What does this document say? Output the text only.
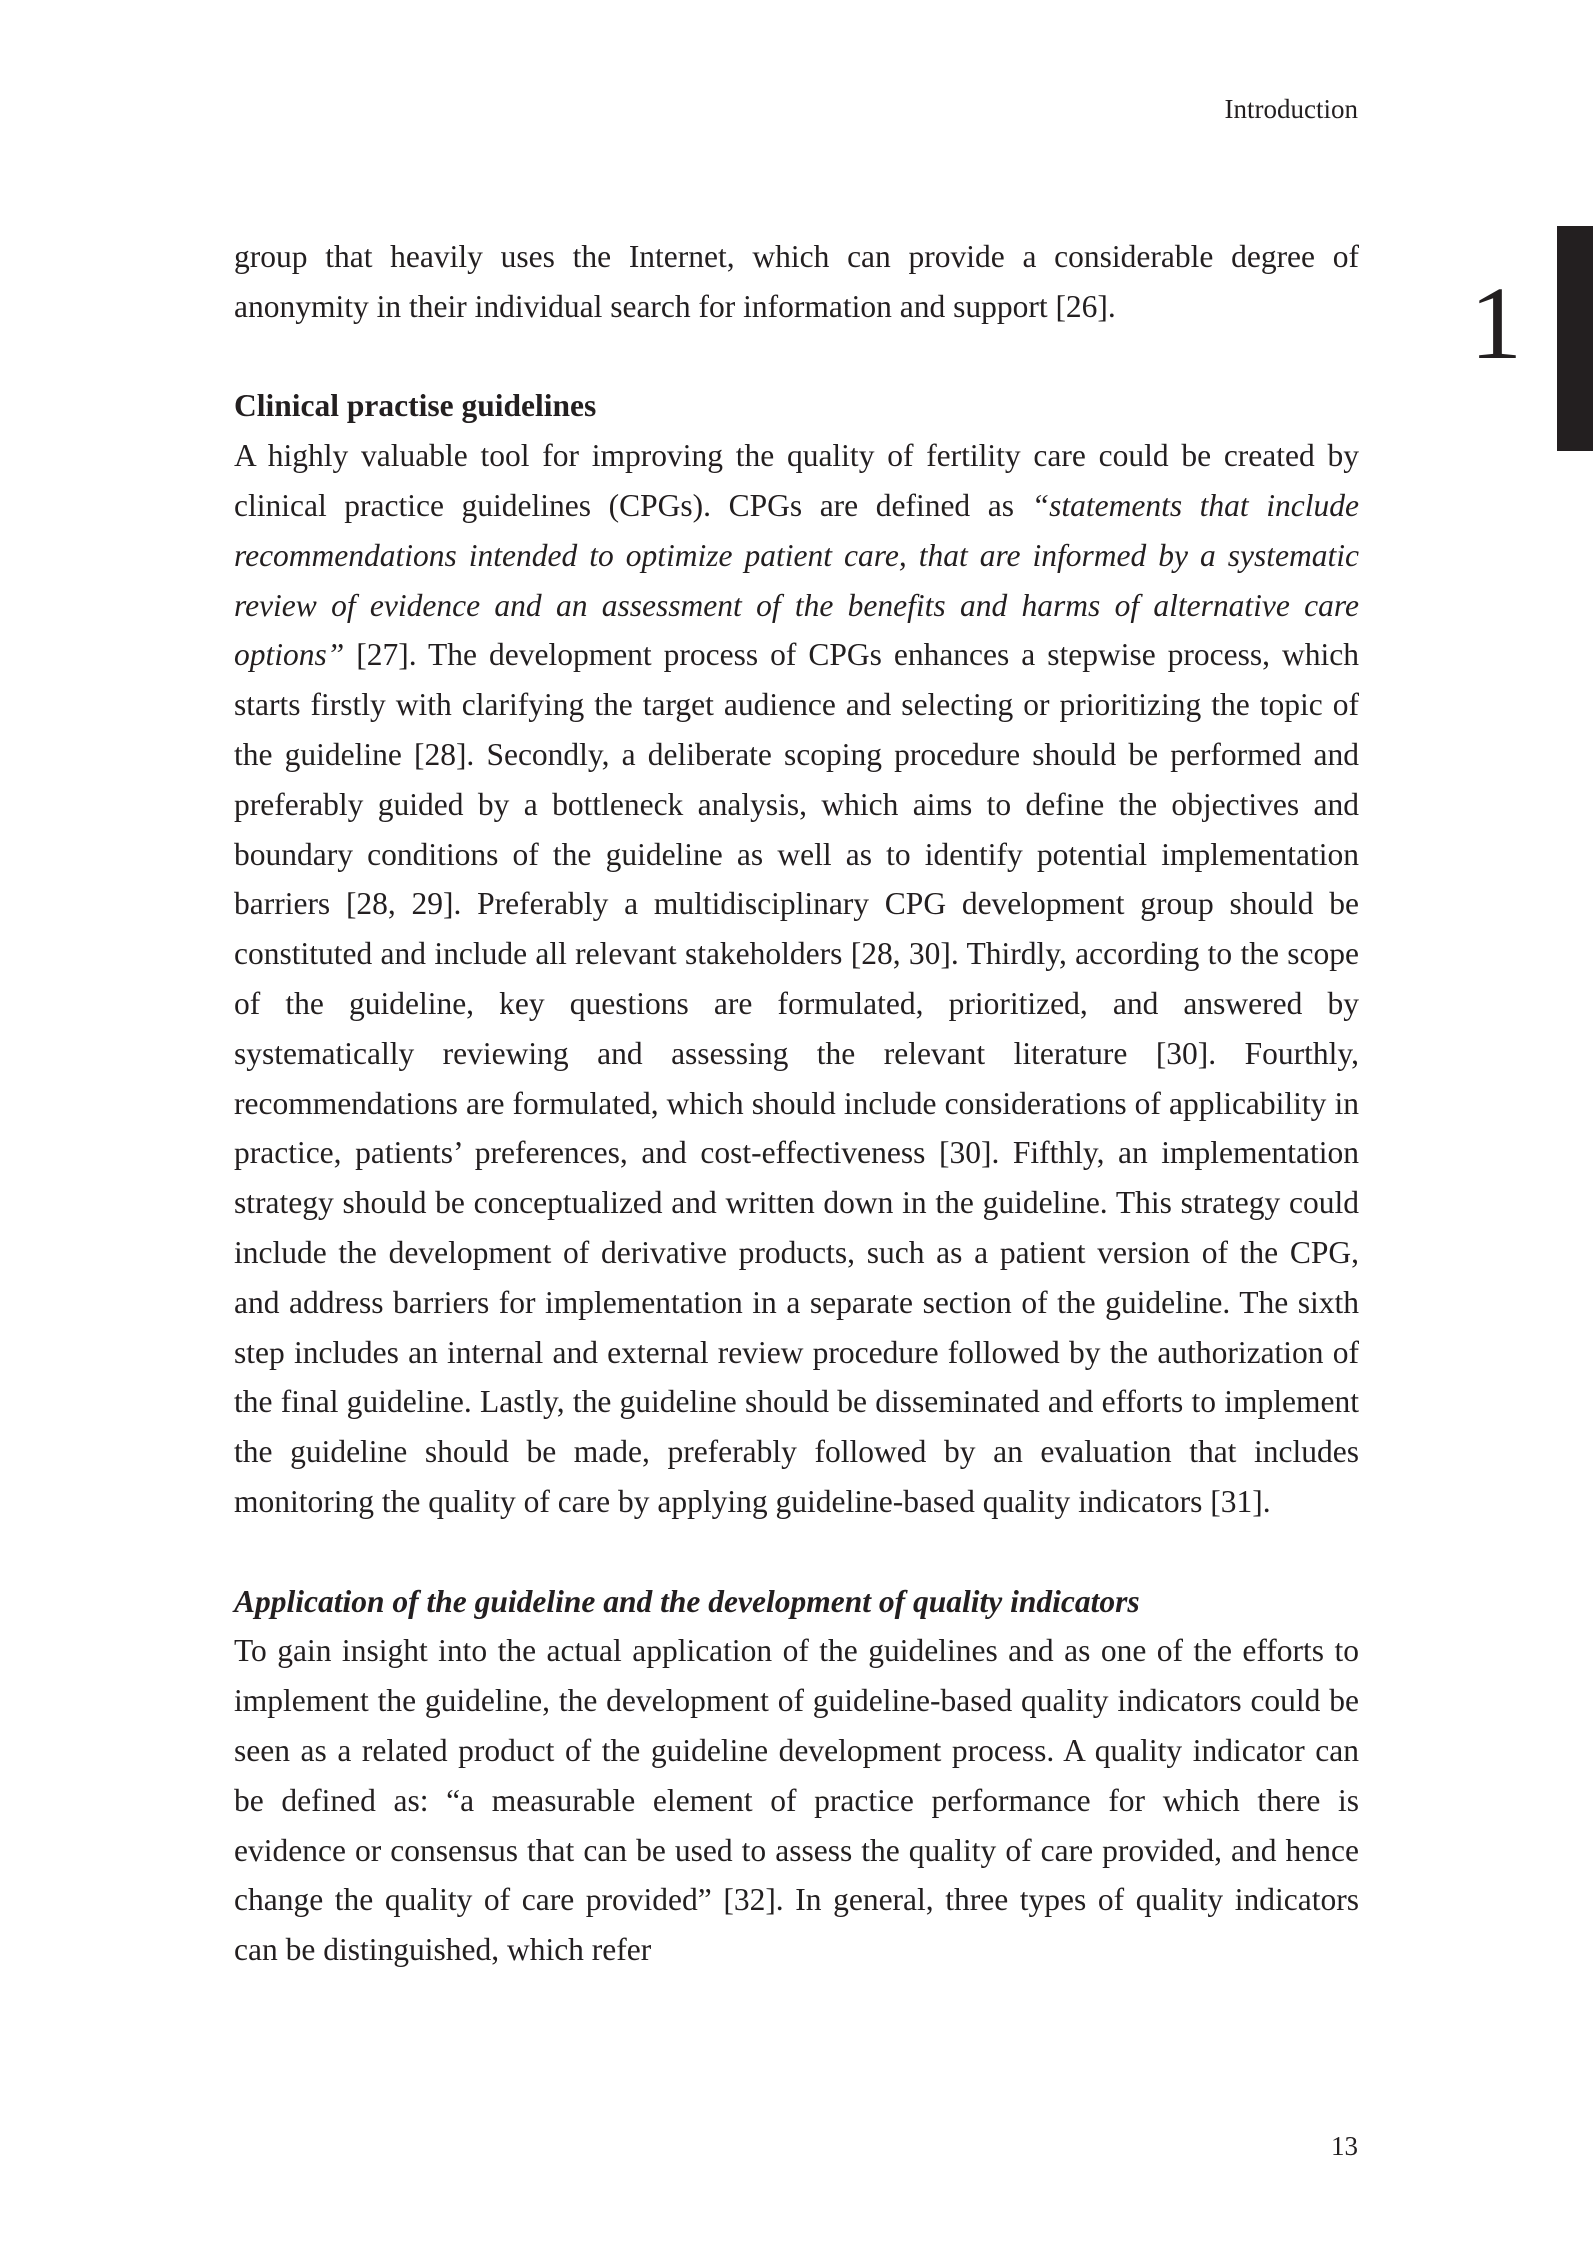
Introduction
1

group that heavily uses the Internet, which can provide a considerable degree of anonymity in their individual search for information and support [26].

Clinical practise guidelines

A highly valuable tool for improving the quality of fertility care could be created by clinical practice guidelines (CPGs). CPGs are defined as “statements that include recommendations intended to optimize patient care, that are informed by a systematic review of evidence and an assessment of the benefits and harms of alternative care options” [27]. The development process of CPGs enhances a stepwise process, which starts firstly with clarifying the target audience and selecting or prioritizing the topic of the guideline [28]. Secondly, a deliberate scoping procedure should be performed and preferably guided by a bottleneck analysis, which aims to define the objectives and boundary conditions of the guideline as well as to identify potential implementation barriers [28, 29]. Preferably a multidisciplinary CPG development group should be constituted and include all relevant stakeholders [28, 30]. Thirdly, according to the scope of the guideline, key questions are formulated, prioritized, and answered by systematically reviewing and assessing the relevant literature [30]. Fourthly, recommendations are formulated, which should include considerations of applicability in practice, patients’ preferences, and cost-effectiveness [30]. Fifthly, an implementation strategy should be conceptualized and written down in the guideline. This strategy could include the development of derivative products, such as a patient version of the CPG, and address barriers for implementation in a separate section of the guideline. The sixth step includes an internal and external review procedure followed by the authorization of the final guideline. Lastly, the guideline should be disseminated and efforts to implement the guideline should be made, preferably followed by an evaluation that includes monitoring the quality of care by applying guideline-based quality indicators [31].

Application of the guideline and the development of quality indicators

To gain insight into the actual application of the guidelines and as one of the efforts to implement the guideline, the development of guideline-based quality indicators could be seen as a related product of the guideline development process. A quality indicator can be defined as: “a measurable element of practice performance for which there is evidence or consensus that can be used to assess the quality of care provided, and hence change the quality of care provided” [32]. In general, three types of quality indicators can be distinguished, which refer

13
